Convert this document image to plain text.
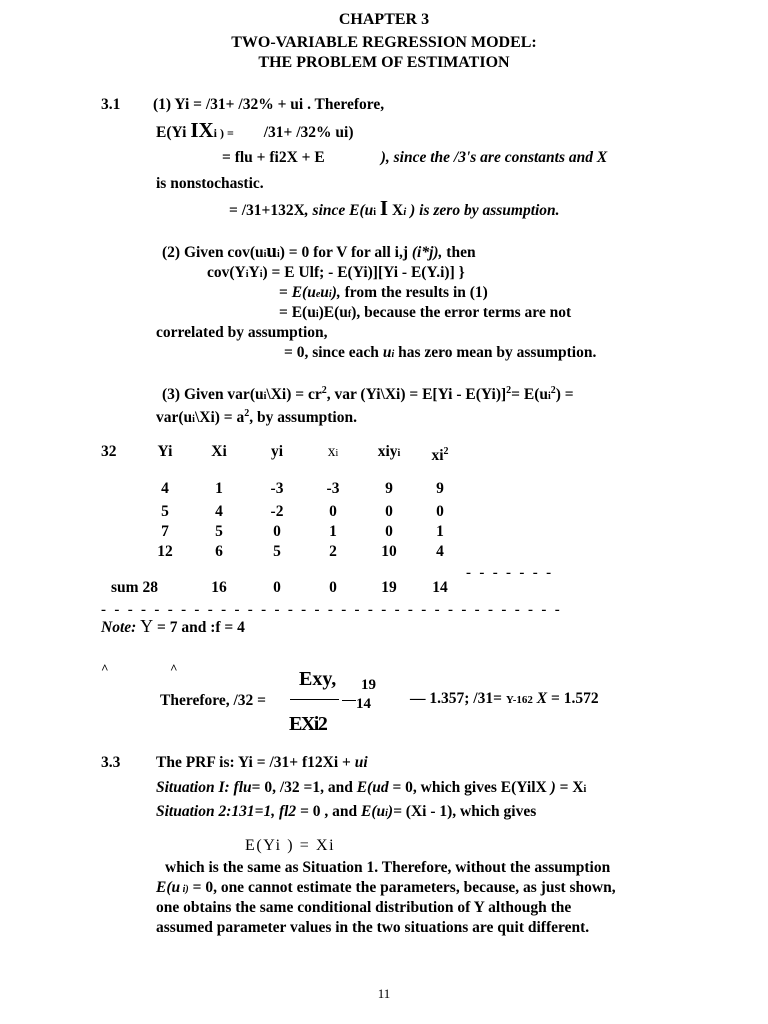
CHAPTER 3
TWO-VARIABLE REGRESSION MODEL:
THE PROBLEM OF ESTIMATION
3.1 (1) Yi = /31+ /32% + ui . Therefore,
E(Yi IXi ) = /31+ /32% ui)
= flu + fi2X + E	), since the /3's are constants and X
is nonstochastic.
= /31+132X, since E(ui I Xi ) is zero by assumption.
(2) Given cov(uiui) = 0 for V for all i,j (i*j), then
cov(YiYi) = E Ulf; - E(Yi)][Yi - E(Y.i)] }
= E(ueui), from the results in (1)
= E(ui)E(uf), because the error terms are not
correlated by assumption,
= 0, since each ui has zero mean by assumption.
(3) Given var(ui\Xi) = $cr^2$, var (Yi\Xi) = $E[Yi - E(Yi)]^2= E(ui^2)$ =
var(ui\Xi) = $a^2$, by assumption.
32	Yi	Xi	yi	xi	xiyi	$xi^2$
4	1	-3	-3	9	9
5	4	-2	0	0	0
7	5	0	1	0	1
12	6	5	2	10	4
sum 28	16	0	0	19	14
- - - - - - -
- - - - - - - - - - - - - - - - - - - - - - - - - - - - - - - - - - -
Note: Y = 7 and :f = 4
^	^	Exy, 19
Therefore, /32 =	14	— 1.357; /31= Y-162 X = 1.572
EXi2
3.3 The PRF is: Yi = /31+ f12Xi + ui
Situation I: flu= 0, /32 =1, and E(ud = 0, which gives E(YilX ) = Xi
Situation 2:131=1, fl2 = 0 , and E(ui)= (Xi - 1), which gives
E(Yi ) = Xi
which is the same as Situation 1. Therefore, without the assumption
E(u i) = 0, one cannot estimate the parameters, because, as just shown,
one obtains the same conditional distribution of Y although the
assumed parameter values in the two situations are quit different.
11
